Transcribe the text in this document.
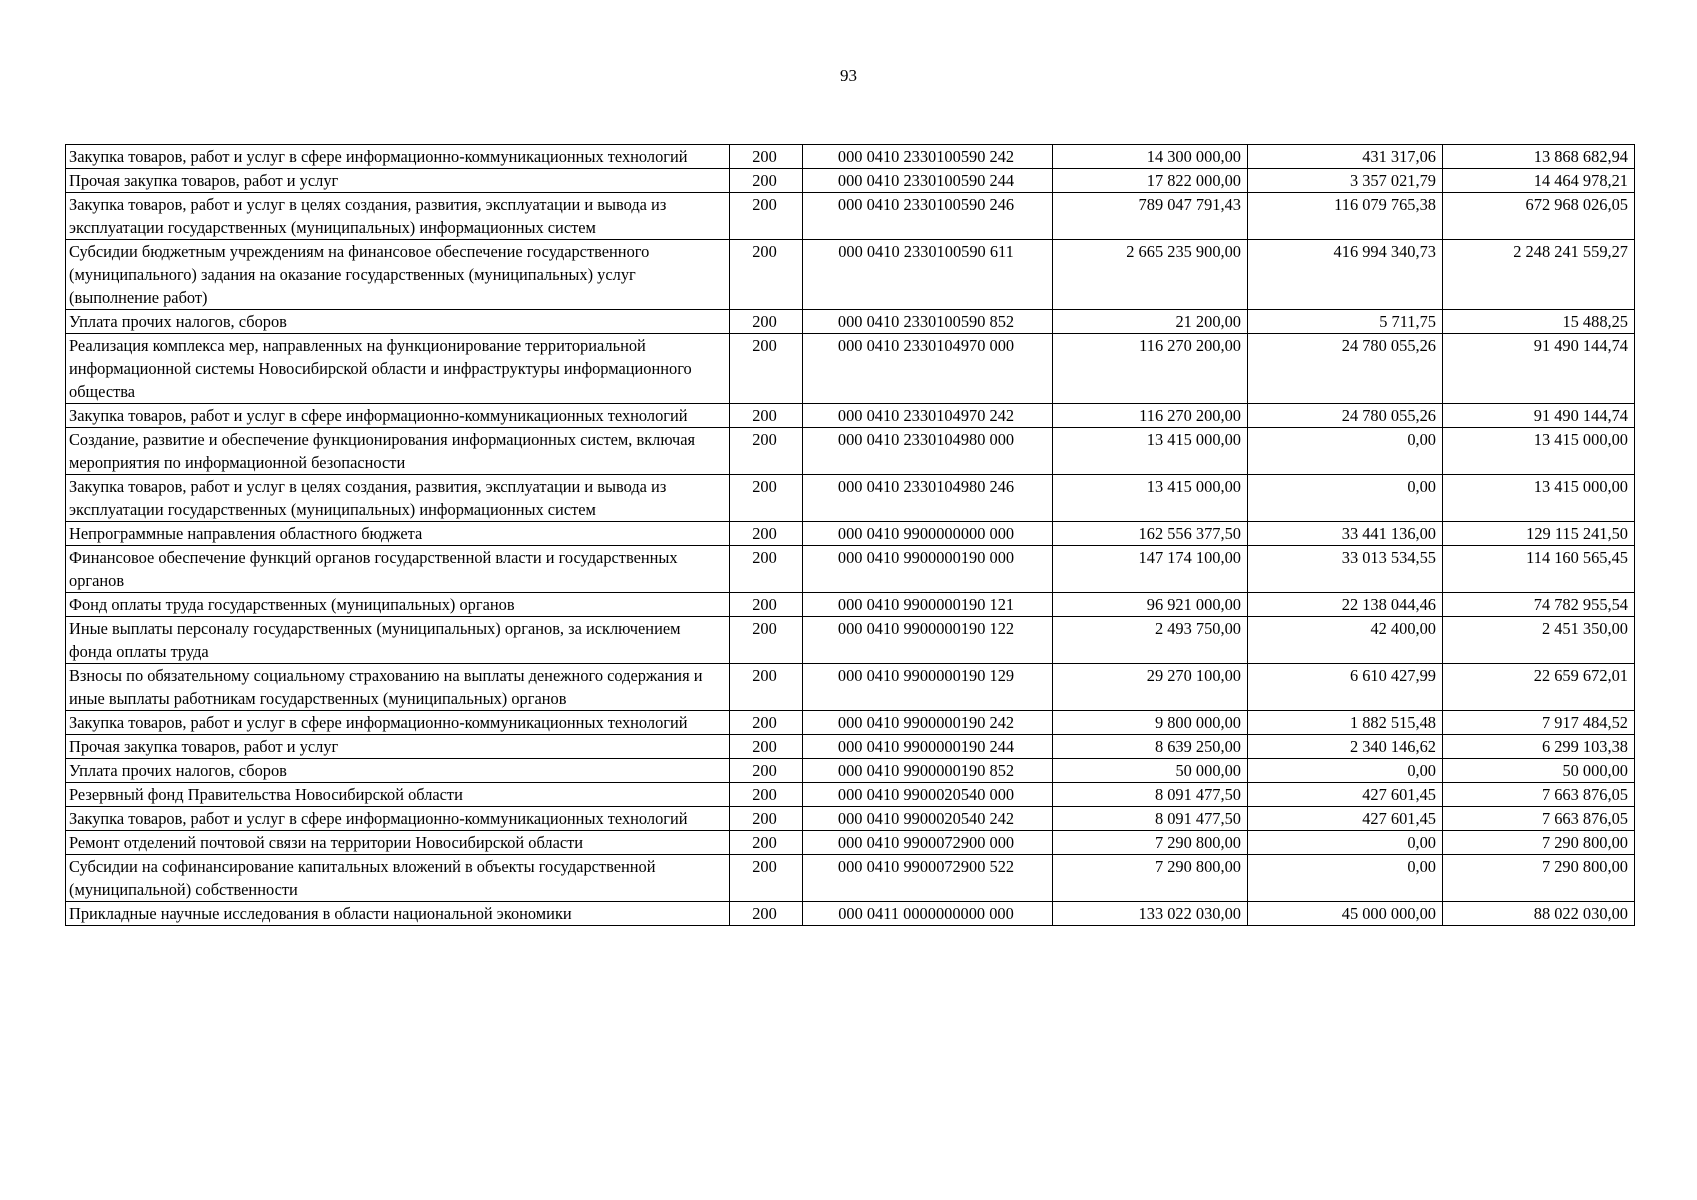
93
Закупка товаров, работ и услуг в сфере информационно-коммуникационных технологий	200	000 0410 2330100590 242	14 300 000,00	431 317,06	13 868 682,94
Прочая закупка товаров, работ и услуг	200	000 0410 2330100590 244	17 822 000,00	3 357 021,79	14 464 978,21
Закупка товаров, работ и услуг в целях создания, развития, эксплуатации и вывода из эксплуатации государственных (муниципальных) информационных систем	200	000 0410 2330100590 246	789 047 791,43	116 079 765,38	672 968 026,05
Субсидии бюджетным учреждениям на финансовое обеспечение государственного (муниципального) задания на оказание государственных (муниципальных) услуг (выполнение работ)	200	000 0410 2330100590 611	2 665 235 900,00	416 994 340,73	2 248 241 559,27
Уплата прочих налогов, сборов	200	000 0410 2330100590 852	21 200,00	5 711,75	15 488,25
Реализация комплекса мер, направленных на функционирование территориальной информационной системы Новосибирской области и инфраструктуры информационного общества	200	000 0410 2330104970 000	116 270 200,00	24 780 055,26	91 490 144,74
Закупка товаров, работ и услуг в сфере информационно-коммуникационных технологий	200	000 0410 2330104970 242	116 270 200,00	24 780 055,26	91 490 144,74
Создание, развитие и обеспечение функционирования информационных систем, включая мероприятия по информационной безопасности	200	000 0410 2330104980 000	13 415 000,00	0,00	13 415 000,00
Закупка товаров, работ и услуг в целях создания, развития, эксплуатации и вывода из эксплуатации государственных (муниципальных) информационных систем	200	000 0410 2330104980 246	13 415 000,00	0,00	13 415 000,00
Непрограммные направления областного бюджета	200	000 0410 9900000000 000	162 556 377,50	33 441 136,00	129 115 241,50
Финансовое обеспечение функций органов государственной власти и государственных органов	200	000 0410 9900000190 000	147 174 100,00	33 013 534,55	114 160 565,45
Фонд оплаты труда государственных (муниципальных) органов	200	000 0410 9900000190 121	96 921 000,00	22 138 044,46	74 782 955,54
Иные выплаты персоналу государственных (муниципальных) органов, за исключением фонда оплаты труда	200	000 0410 9900000190 122	2 493 750,00	42 400,00	2 451 350,00
Взносы по обязательному социальному страхованию на выплаты денежного содержания и иные выплаты работникам государственных (муниципальных) органов	200	000 0410 9900000190 129	29 270 100,00	6 610 427,99	22 659 672,01
Закупка товаров, работ и услуг в сфере информационно-коммуникационных технологий	200	000 0410 9900000190 242	9 800 000,00	1 882 515,48	7 917 484,52
Прочая закупка товаров, работ и услуг	200	000 0410 9900000190 244	8 639 250,00	2 340 146,62	6 299 103,38
Уплата прочих налогов, сборов	200	000 0410 9900000190 852	50 000,00	0,00	50 000,00
Резервный фонд Правительства Новосибирской области	200	000 0410 9900020540 000	8 091 477,50	427 601,45	7 663 876,05
Закупка товаров, работ и услуг в сфере информационно-коммуникационных технологий	200	000 0410 9900020540 242	8 091 477,50	427 601,45	7 663 876,05
Ремонт отделений почтовой связи на территории Новосибирской области	200	000 0410 9900072900 000	7 290 800,00	0,00	7 290 800,00
Субсидии на софинансирование капитальных вложений в объекты государственной (муниципальной) собственности	200	000 0410 9900072900 522	7 290 800,00	0,00	7 290 800,00
Прикладные научные исследования в области национальной экономики	200	000 0411 0000000000 000	133 022 030,00	45 000 000,00	88 022 030,00
